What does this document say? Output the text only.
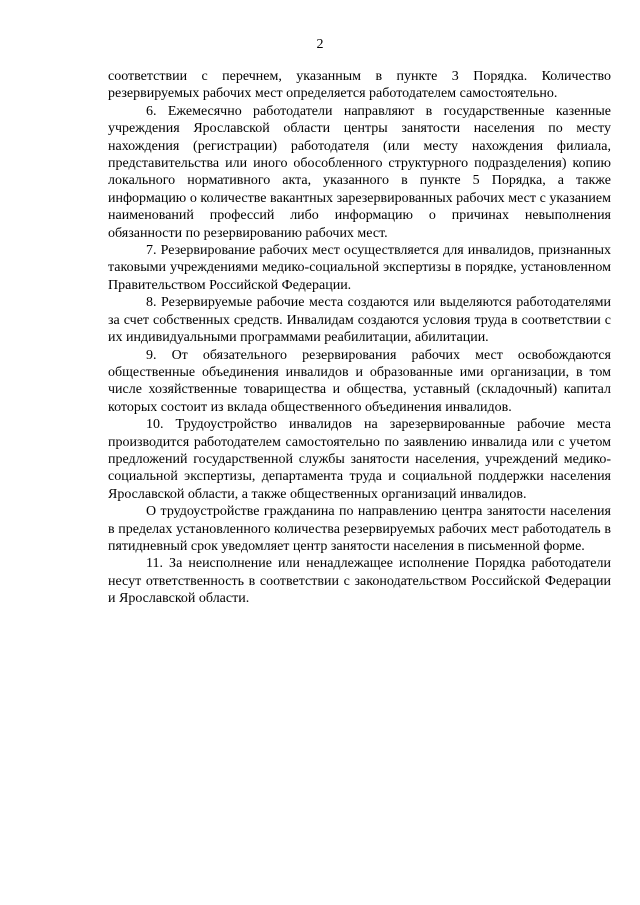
2

соответствии с перечнем, указанным в пункте 3 Порядка. Количество резервируемых рабочих мест определяется работодателем самостоятельно.

6. Ежемесячно работодатели направляют в государственные казенные учреждения Ярославской области центры занятости населения по месту нахождения (регистрации) работодателя (или месту нахождения филиала, представительства или иного обособленного структурного подразделения) копию локального нормативного акта, указанного в пункте 5 Порядка, а также информацию о количестве вакантных зарезервированных рабочих мест с указанием наименований профессий либо информацию о причинах невыполнения обязанности по резервированию рабочих мест.

7. Резервирование рабочих мест осуществляется для инвалидов, признанных таковыми учреждениями медико-социальной экспертизы в порядке, установленном Правительством Российской Федерации.

8. Резервируемые рабочие места создаются или выделяются работодателями за счет собственных средств. Инвалидам создаются условия труда в соответствии с их индивидуальными программами реабилитации, абилитации.

9. От обязательного резервирования рабочих мест освобождаются общественные объединения инвалидов и образованные ими организации, в том числе хозяйственные товарищества и общества, уставный (складочный) капитал которых состоит из вклада общественного объединения инвалидов.

10. Трудоустройство инвалидов на зарезервированные рабочие места производится работодателем самостоятельно по заявлению инвалида или с учетом предложений государственной службы занятости населения, учреждений медико-социальной экспертизы, департамента труда и социальной поддержки населения Ярославской области, а также общественных организаций инвалидов.

О трудоустройстве гражданина по направлению центра занятости населения в пределах установленного количества резервируемых рабочих мест работодатель в пятидневный срок уведомляет центр занятости населения в письменной форме.

11. За неисполнение или ненадлежащее исполнение Порядка работодатели несут ответственность в соответствии с законодательством Российской Федерации и Ярославской области.
